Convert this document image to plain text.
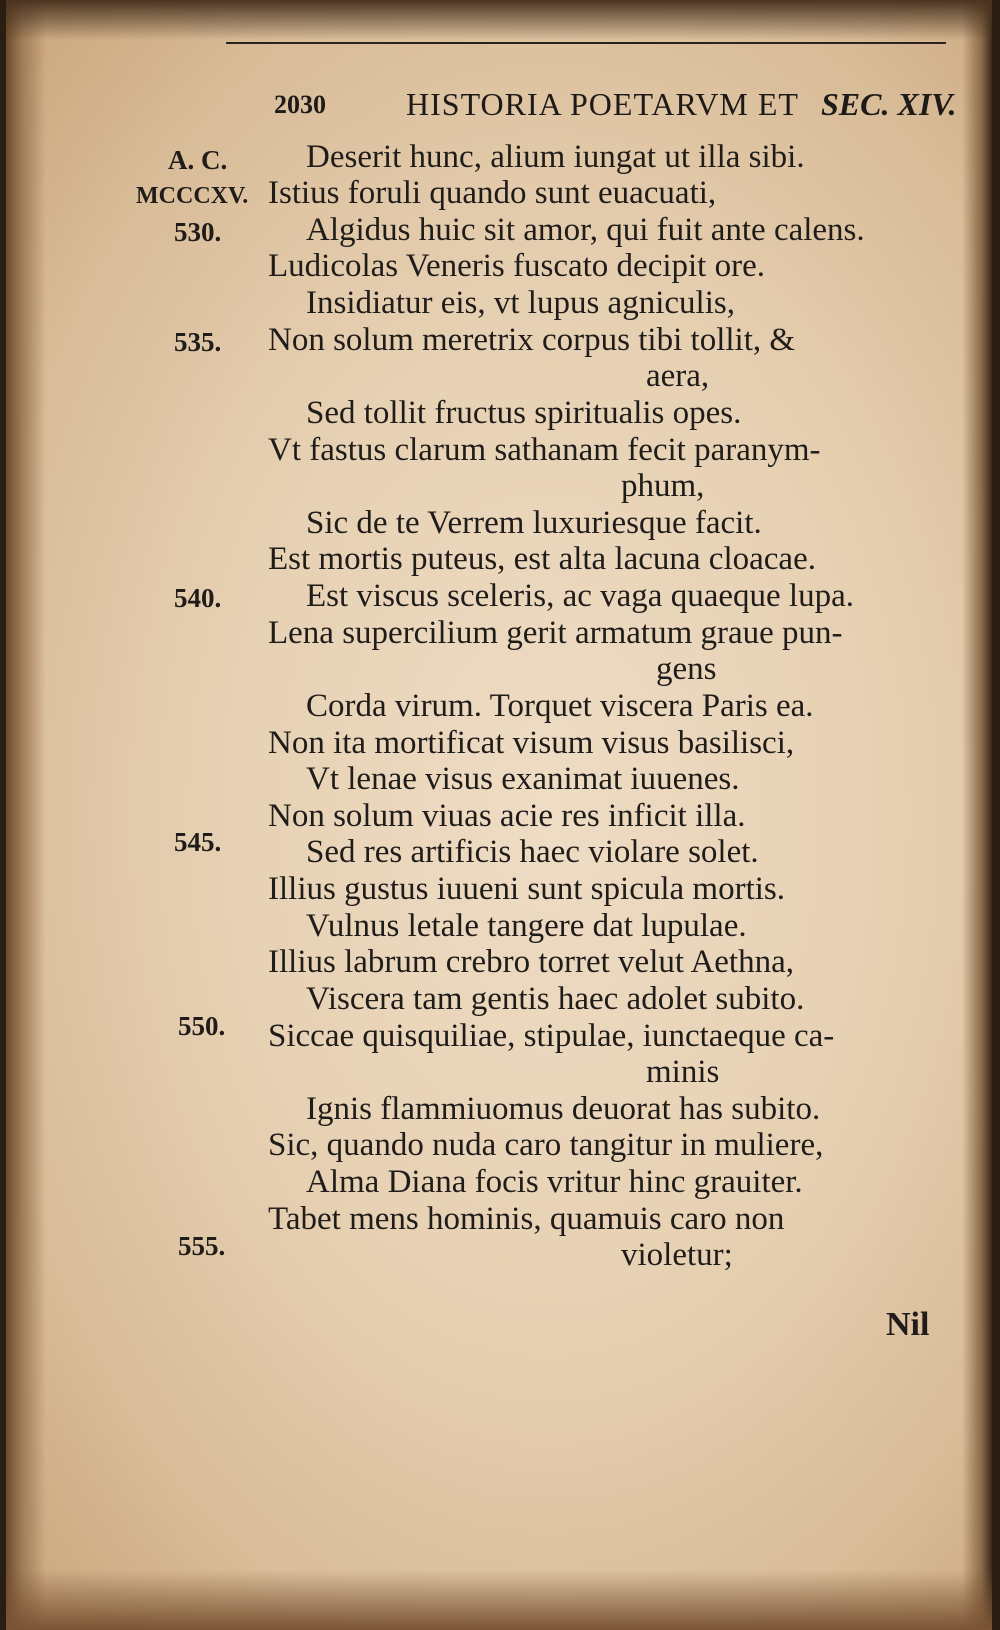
2030	HISTORIA POETARVM ET SEC. XIV.
A. C.
MCCCXV.
530.
535.
540.
545.
550.
555.
Deserit hunc, alium iungat ut illa sibi.
Istius foruli quando sunt euacuati,
Algidus huic sit amor, qui fuit ante calens.
Ludicolas Veneris fuscato decipit ore.
Insidiatur eis, vt lupus agniculis,
Non solum meretrix corpus tibi tollit, &
aera,
Sed tollit fructus spiritualis opes.
Vt fastus clarum sathanam fecit paranym-
phum,
Sic de te Verrem luxuriesque facit.
Est mortis puteus, est alta lacuna cloacae.
Est viscus sceleris, ac vaga quaeque lupa.
Lena supercilium gerit armatum graue pun-
gens
Corda virum. Torquet viscera Paris ea.
Non ita mortificat visum visus basilisci,
Vt lenae visus exanimat iuuenes.
Non solum viuas acie res inficit illa.
Sed res artificis haec violare solet.
Illius gustus iuueni sunt spicula mortis.
Vulnus letale tangere dat lupulae.
Illius labrum crebro torret velut Aethna,
Viscera tam gentis haec adolet subito.
Siccae quisquiliae, stipulae, iunctaeque ca-
minis
Ignis flammiuomus deuorat has subito.
Sic, quando nuda caro tangitur in muliere,
Alma Diana focis vritur hinc grauiter.
Tabet mens hominis, quamuis caro non
violetur;
Nil
